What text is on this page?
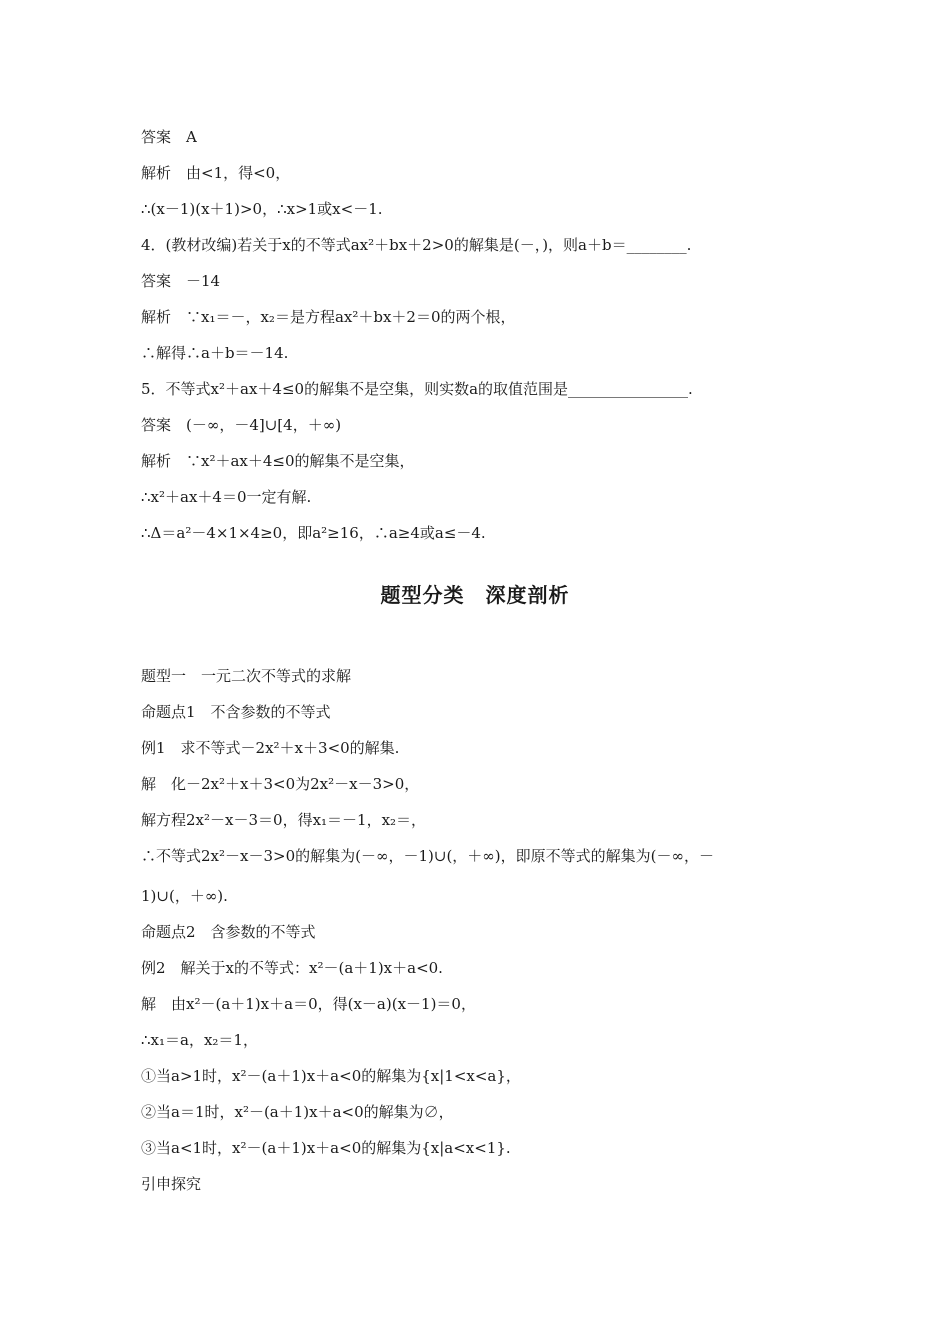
答案　A
解析　由<1，得<0，
∴(x－1)(x＋1)>0，∴x>1或x<－1.
4．(教材改编)若关于x的不等式ax²＋bx＋2>0的解集是(－，)，则a＋b＝________.
答案　－14
解析　∵x₁＝－，x₂＝是方程ax²＋bx＋2＝0的两个根，
∴解得∴a＋b＝－14.
5．不等式x²＋ax＋4≤0的解集不是空集，则实数a的取值范围是________________.
答案　(－∞，－4]∪[4，＋∞)
解析　∵x²＋ax＋4≤0的解集不是空集，
∴x²＋ax＋4＝0一定有解.
∴Δ＝a²－4×1×4≥0，即a²≥16，∴a≥4或a≤－4.
题型分类　深度剖析
题型一　一元二次不等式的求解
命题点1　不含参数的不等式
例1　求不等式－2x²＋x＋3<0的解集.
解　化－2x²＋x＋3<0为2x²－x－3>0，
解方程2x²－x－3＝0，得x₁＝－1，x₂＝，
∴不等式2x²－x－3>0的解集为(－∞，－1)∪(，＋∞)，即原不等式的解集为(－∞，－
1)∪(，＋∞).
命题点2　含参数的不等式
例2　解关于x的不等式：x²－(a＋1)x＋a<0.
解　由x²－(a＋1)x＋a＝0，得(x－a)(x－1)＝0，
∴x₁＝a，x₂＝1，
①当a>1时，x²－(a＋1)x＋a<0的解集为{x|1<x<a}，
②当a＝1时，x²－(a＋1)x＋a<0的解集为∅，
③当a<1时，x²－(a＋1)x＋a<0的解集为{x|a<x<1}.
引申探究
